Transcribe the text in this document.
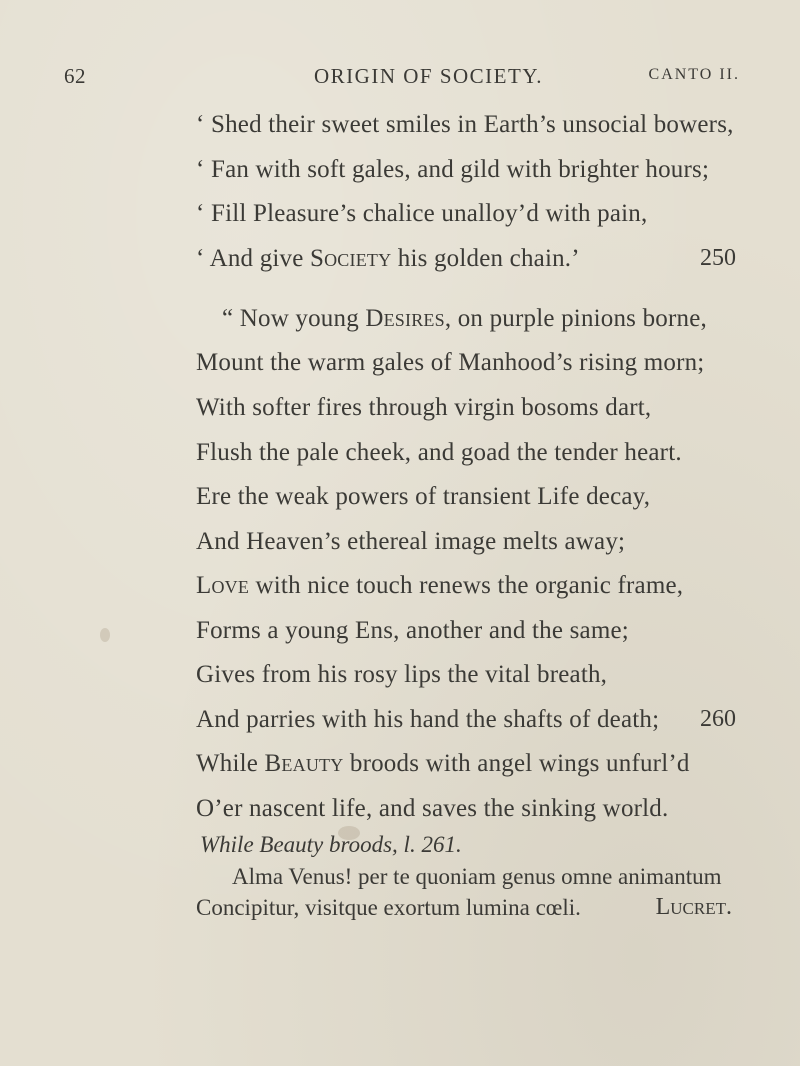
62	ORIGIN OF SOCIETY.	CANTO II.
‘ Shed their sweet smiles in Earth’s unsocial bowers,
‘ Fan with soft gales, and gild with brighter hours;
‘ Fill Pleasure’s chalice unalloy’d with pain,
‘ And give Society his golden chain.’	250
“ Now young Desires, on purple pinions borne,
Mount the warm gales of Manhood’s rising morn;
With softer fires through virgin bosoms dart,
Flush the pale cheek, and goad the tender heart.
Ere the weak powers of transient Life decay,
And Heaven’s ethereal image melts away;
Love with nice touch renews the organic frame,
Forms a young Ens, another and the same;
Gives from his rosy lips the vital breath,
And parries with his hand the shafts of death; 260
While Beauty broods with angel wings unfurl’d
O’er nascent life, and saves the sinking world.
While Beauty broods, l. 261.
Alma Venus! per te quoniam genus omne animantum
Concipitur, visitque exortum lumina cœli.	Lucret.
